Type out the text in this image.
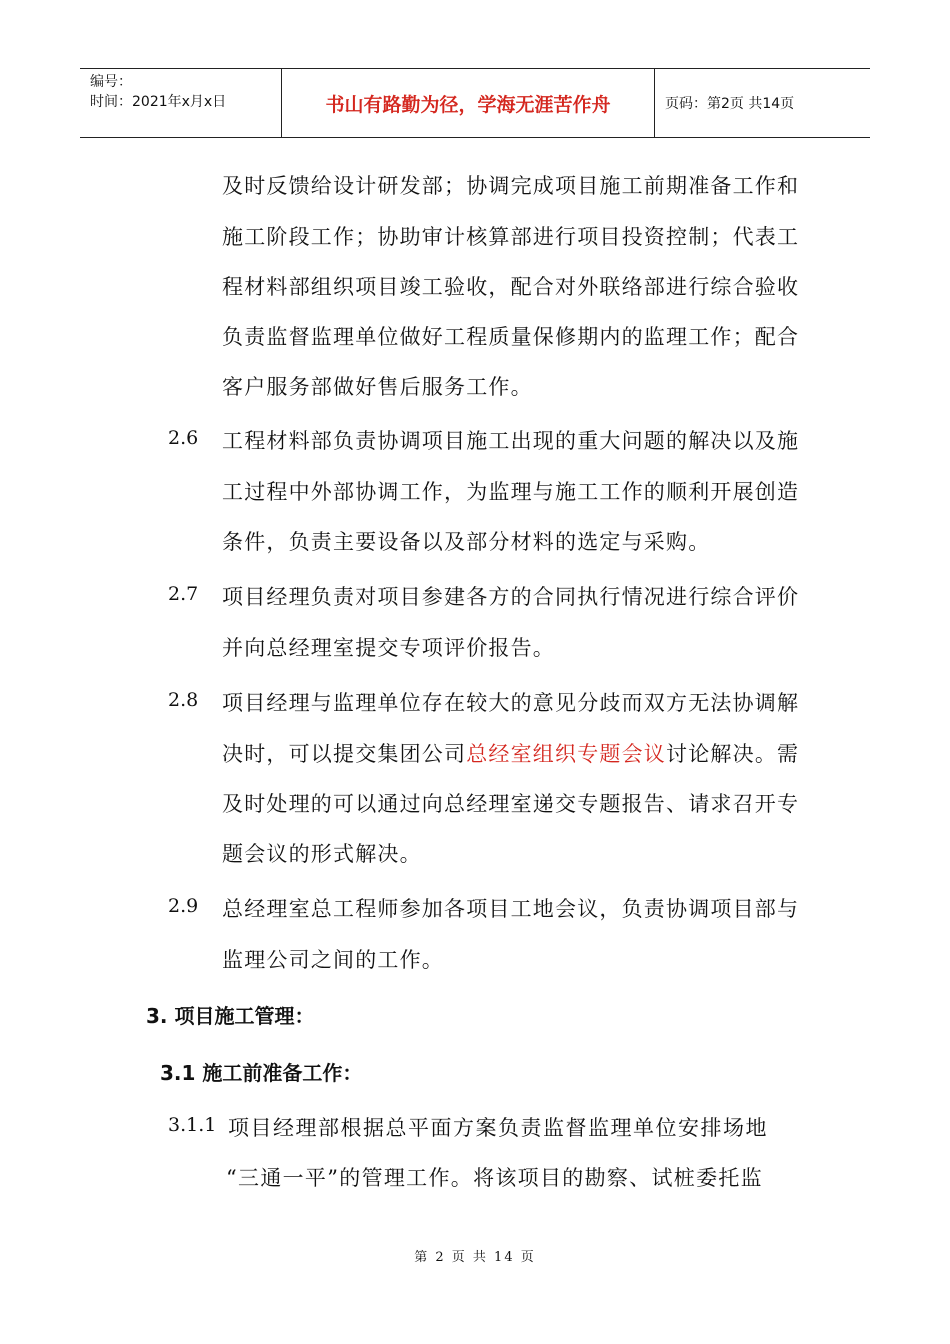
编号：
时间：2021年x月x日	书山有路勤为径，学海无涯苦作舟	页码：第2页 共14页
及时反馈给设计研发部；协调完成项目施工前期准备工作和
施工阶段工作；协助审计核算部进行项目投资控制；代表工
程材料部组织项目竣工验收，配合对外联络部进行综合验收
负责监督监理单位做好工程质量保修期内的监理工作；配合
客户服务部做好售后服务工作。
2.6 工程材料部负责协调项目施工出现的重大问题的解决以及施
工过程中外部协调工作，为监理与施工工作的顺利开展创造
条件，负责主要设备以及部分材料的选定与采购。
2.7 项目经理负责对项目参建各方的合同执行情况进行综合评价
并向总经理室提交专项评价报告。
2.8 项目经理与监理单位存在较大的意见分歧而双方无法协调解
决时，可以提交集团公司总经室组织专题会议讨论解决。需
及时处理的可以通过向总经理室递交专题报告、请求召开专
题会议的形式解决。
2.9 总经理室总工程师参加各项目工地会议，负责协调项目部与
监理公司之间的工作。
3. 项目施工管理：
3.1 施工前准备工作：
3.1.1 项目经理部根据总平面方案负责监督监理单位安排场地
“三通一平”的管理工作。将该项目的勘察、试桩委托监
第 2 页 共 14 页
